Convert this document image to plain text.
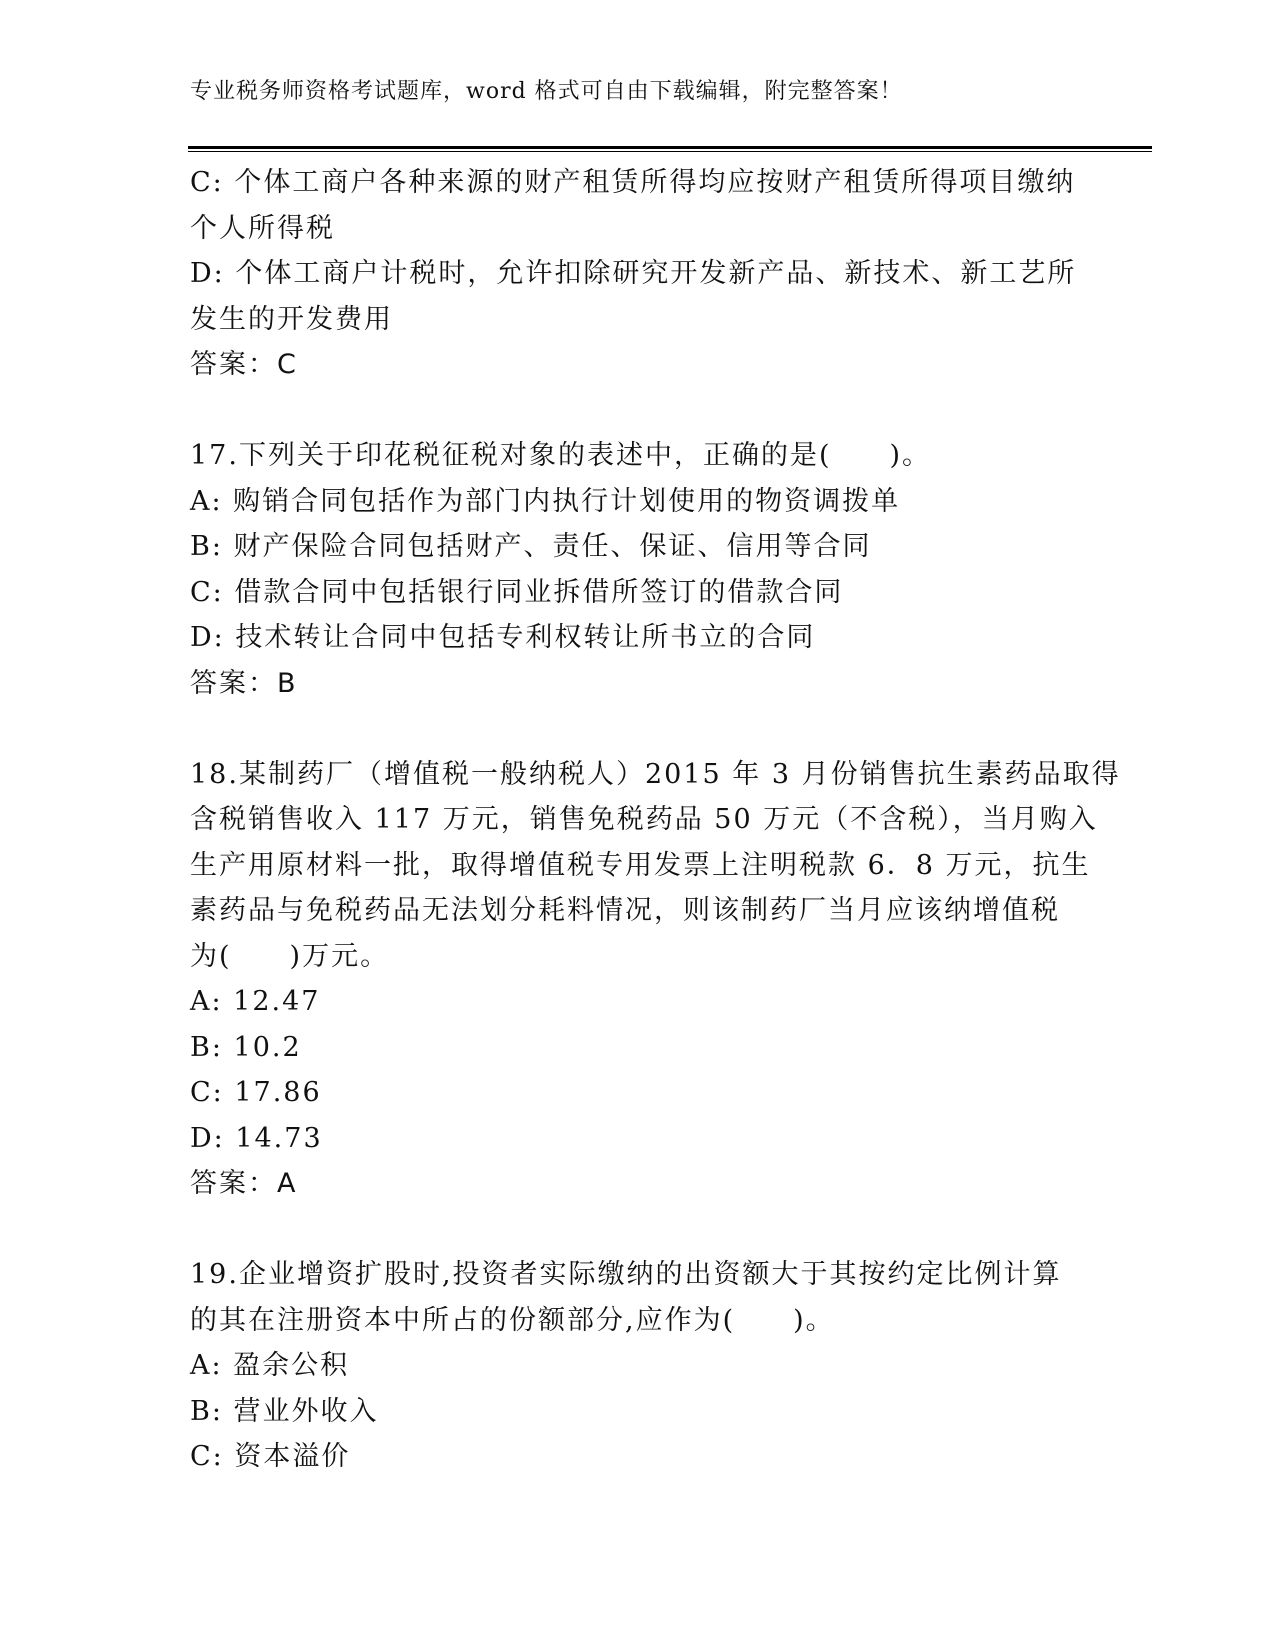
专业税务师资格考试题库，word 格式可自由下载编辑，附完整答案！
C: 个体工商户各种来源的财产租赁所得均应按财产租赁所得项目缴纳
个人所得税
D: 个体工商户计税时，允许扣除研究开发新产品、新技术、新工艺所
发生的开发费用
答案：C
17.下列关于印花税征税对象的表述中，正确的是(　　)。
A: 购销合同包括作为部门内执行计划使用的物资调拨单
B: 财产保险合同包括财产、责任、保证、信用等合同
C: 借款合同中包括银行同业拆借所签订的借款合同
D: 技术转让合同中包括专利权转让所书立的合同
答案：B
18.某制药厂（增值税一般纳税人）2015 年 3 月份销售抗生素药品取得
含税销售收入 117 万元，销售免税药品 50 万元（不含税），当月购入
生产用原材料一批，取得增值税专用发票上注明税款 6．8 万元，抗生
素药品与免税药品无法划分耗料情况，则该制药厂当月应该纳增值税
为(　　)万元。
A: 12.47
B: 10.2
C: 17.86
D: 14.73
答案：A
19.企业增资扩股时,投资者实际缴纳的出资额大于其按约定比例计算
的其在注册资本中所占的份额部分,应作为(　　)。
A: 盈余公积
B: 营业外收入
C: 资本溢价
